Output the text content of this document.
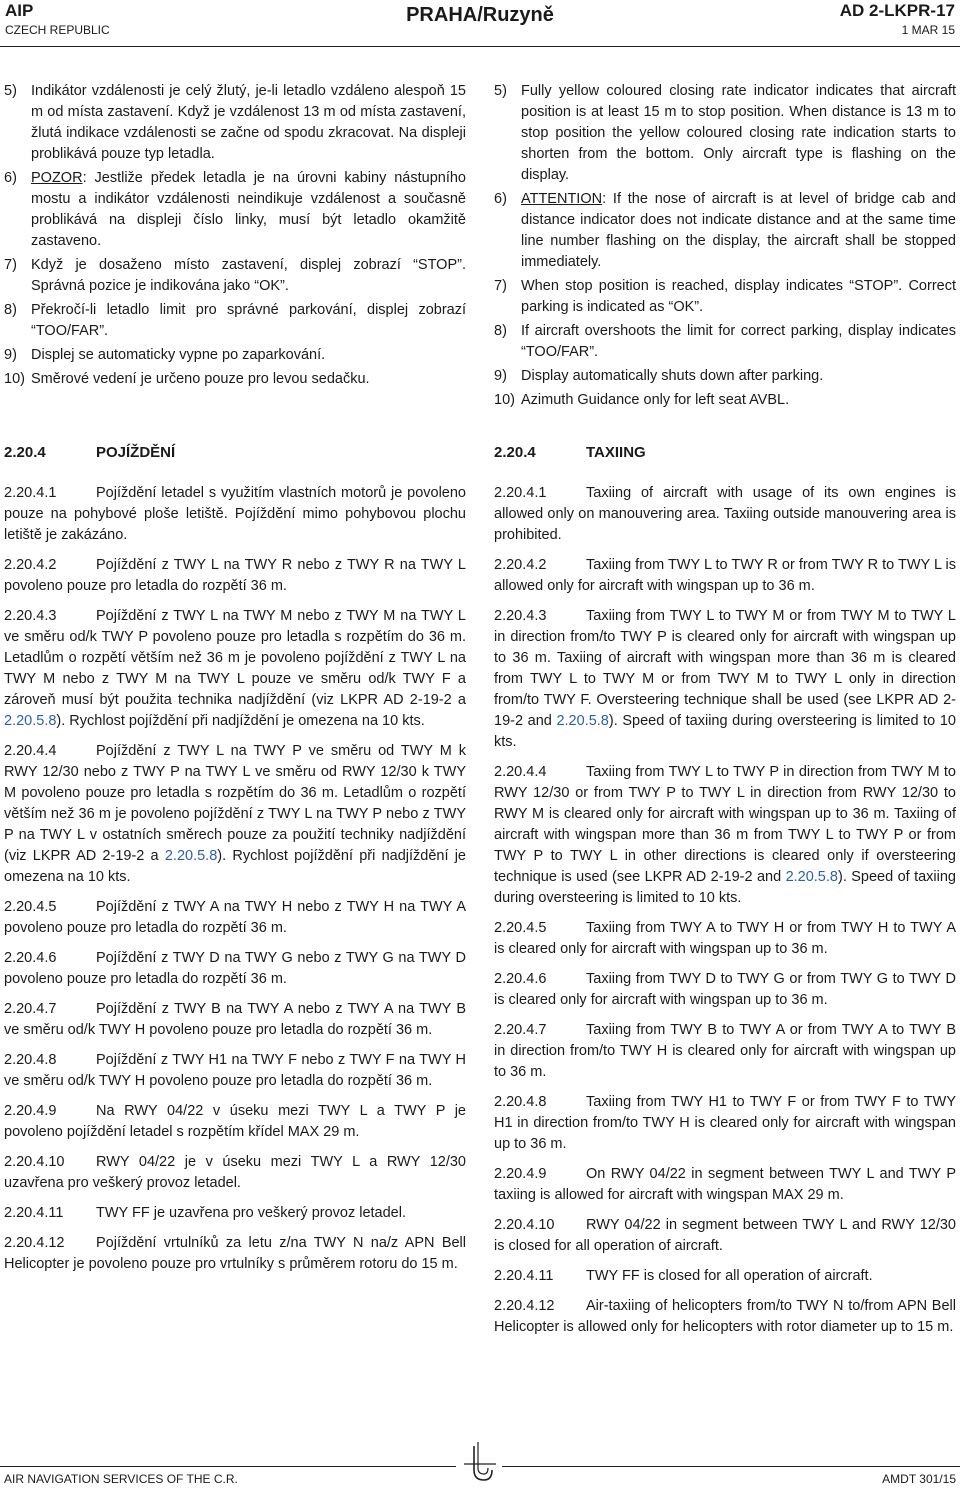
AIP
CZECH REPUBLIC
PRAHA/Ruzyně	AD 2-LKPR-17
1 MAR 15
5) Indikátor vzdálenosti je celý žlutý, je-li letadlo vzdáleno alespoň 15 m od místa zastavení. Když je vzdálenost 13 m od místa zastavení, žlutá indikace vzdálenosti se začne od spodu zkracovat. Na displeji problikává pouze typ letadla.
6) POZOR: Jestliže předek letadla je na úrovni kabiny nástupního mostu a indikátor vzdálenosti neindikuje vzdálenost a současně problikává na displeji číslo linky, musí být letadlo okamžitě zastaveno.
7) Když je dosaženo místo zastavení, displej zobrazí “STOP”. Správná pozice je indikována jako “OK”.
8) Překročí-li letadlo limit pro správné parkování, displej zobrazí “TOO/FAR”.
9) Displej se automaticky vypne po zaparkování.
10) Směrové vedení je určeno pouze pro levou sedačku.
5) Fully yellow coloured closing rate indicator indicates that aircraft position is at least 15 m to stop position. When distance is 13 m to stop position the yellow coloured closing rate indication starts to shorten from the bottom. Only aircraft type is flashing on the display.
6) ATTENTION: If the nose of aircraft is at level of bridge cab and distance indicator does not indicate distance and at the same time line number flashing on the display, the aircraft shall be stopped immediately.
7) When stop position is reached, display indicates “STOP”. Correct parking is indicated as “OK”.
8) If aircraft overshoots the limit for correct parking, display indicates “TOO/FAR”.
9) Display automatically shuts down after parking.
10) Azimuth Guidance only for left seat AVBL.
2.20.4	POJÍŽDĚNÍ	2.20.4	TAXIING
2.20.4.1	Pojíždění letadel s využitím vlastních motorů je povoleno pouze na pohybové ploše letiště. Pojíždění mimo pohybovou plochu letiště je zakázáno.
2.20.4.2	Pojíždění z TWY L na TWY R nebo z TWY R na TWY L povoleno pouze pro letadla do rozpětí 36 m.
2.20.4.3	Pojíždění z TWY L na TWY M nebo z TWY M na TWY L ve směru od/k TWY P povoleno pouze pro letadla s rozpětím do 36 m. Letadlům o rozpětí větším než 36 m je povoleno pojíždění z TWY L na TWY M nebo z TWY M na TWY L pouze ve směru od/k TWY F a zároveň musí být použita technika nadjíždění (viz LKPR AD 2-19-2 a 2.20.5.8). Rychlost pojíždění při nadjíždění je omezena na 10 kts.
2.20.4.4	Pojíždění z TWY L na TWY P ve směru od TWY M k RWY 12/30 nebo z TWY P na TWY L ve směru od RWY 12/30 k TWY M povoleno pouze pro letadla s rozpětím do 36 m. Letadlům o rozpětí větším než 36 m je povoleno pojíždění z TWY L na TWY P nebo z TWY P na TWY L v ostatních směrech pouze za použití techniky nadjíždění (viz LKPR AD 2-19-2 a 2.20.5.8). Rychlost pojíždění při nadjíždění je omezena na 10 kts.
2.20.4.5	Pojíždění z TWY A na TWY H nebo z TWY H na TWY A povoleno pouze pro letadla do rozpětí 36 m.
2.20.4.6	Pojíždění z TWY D na TWY G nebo z TWY G na TWY D povoleno pouze pro letadla do rozpětí 36 m.
2.20.4.7	Pojíždění z TWY B na TWY A nebo z TWY A na TWY B ve směru od/k TWY H povoleno pouze pro letadla do rozpětí 36 m.
2.20.4.8	Pojíždění z TWY H1 na TWY F nebo z TWY F na TWY H ve směru od/k TWY H povoleno pouze pro letadla do rozpětí 36 m.
2.20.4.9	Na RWY 04/22 v úseku mezi TWY L a TWY P je povoleno pojíždění letadel s rozpětím křídel MAX 29 m.
2.20.4.10 RWY 04/22 je v úseku mezi TWY L a RWY 12/30 uzavřena pro veškerý provoz letadel.
2.20.4.11 TWY FF je uzavřena pro veškerý provoz letadel.
2.20.4.12 Pojíždění vrtulníků za letu z/na TWY N na/z APN Bell Helicopter je povoleno pouze pro vrtulníky s průměrem rotoru do 15 m.
2.20.4.1	Taxiing of aircraft with usage of its own engines is allowed only on manouvering area. Taxiing outside manouvering area is prohibited.
2.20.4.2	Taxiing from TWY L to TWY R or from TWY R to TWY L is allowed only for aircraft with wingspan up to 36 m.
2.20.4.3	Taxiing from TWY L to TWY M or from TWY M to TWY L in direction from/to TWY P is cleared only for aircraft with wingspan up to 36 m. Taxiing of aircraft with wingspan more than 36 m is cleared from TWY L to TWY M or from TWY M to TWY L only in direction from/to TWY F. Oversteering technique shall be used (see LKPR AD 2-19-2 and 2.20.5.8). Speed of taxiing during oversteering is limited to 10 kts.
2.20.4.4	Taxiing from TWY L to TWY P in direction from TWY M to RWY 12/30 or from TWY P to TWY L in direction from RWY 12/30 to RWY M is cleared only for aircraft with wingspan up to 36 m. Taxiing of aircraft with wingspan more than 36 m from TWY L to TWY P or from TWY P to TWY L in other directions is cleared only if oversteering technique is used (see LKPR AD 2-19-2 and 2.20.5.8). Speed of taxiing during oversteering is limited to 10 kts.
2.20.4.5	Taxiing from TWY A to TWY H or from TWY H to TWY A is cleared only for aircraft with wingspan up to 36 m.
2.20.4.6	Taxiing from TWY D to TWY G or from TWY G to TWY D is cleared only for aircraft with wingspan up to 36 m.
2.20.4.7	Taxiing from TWY B to TWY A or from TWY A to TWY B in direction from/to TWY H is cleared only for aircraft with wingspan up to 36 m.
2.20.4.8	Taxiing from TWY H1 to TWY F or from TWY F to TWY H1 in direction from/to TWY H is cleared only for aircraft with wingspan up to 36 m.
2.20.4.9	On RWY 04/22 in segment between TWY L and TWY P taxiing is allowed for aircraft with wingspan MAX 29 m.
2.20.4.10 RWY 04/22 in segment between TWY L and RWY 12/30 is closed for all operation of aircraft.
2.20.4.11 TWY FF is closed for all operation of aircraft.
2.20.4.12 Air-taxiing of helicopters from/to TWY N to/from APN Bell Helicopter is allowed only for helicopters with rotor diameter up to 15 m.
AIR NAVIGATION SERVICES OF THE C.R.	AMDT 301/15
